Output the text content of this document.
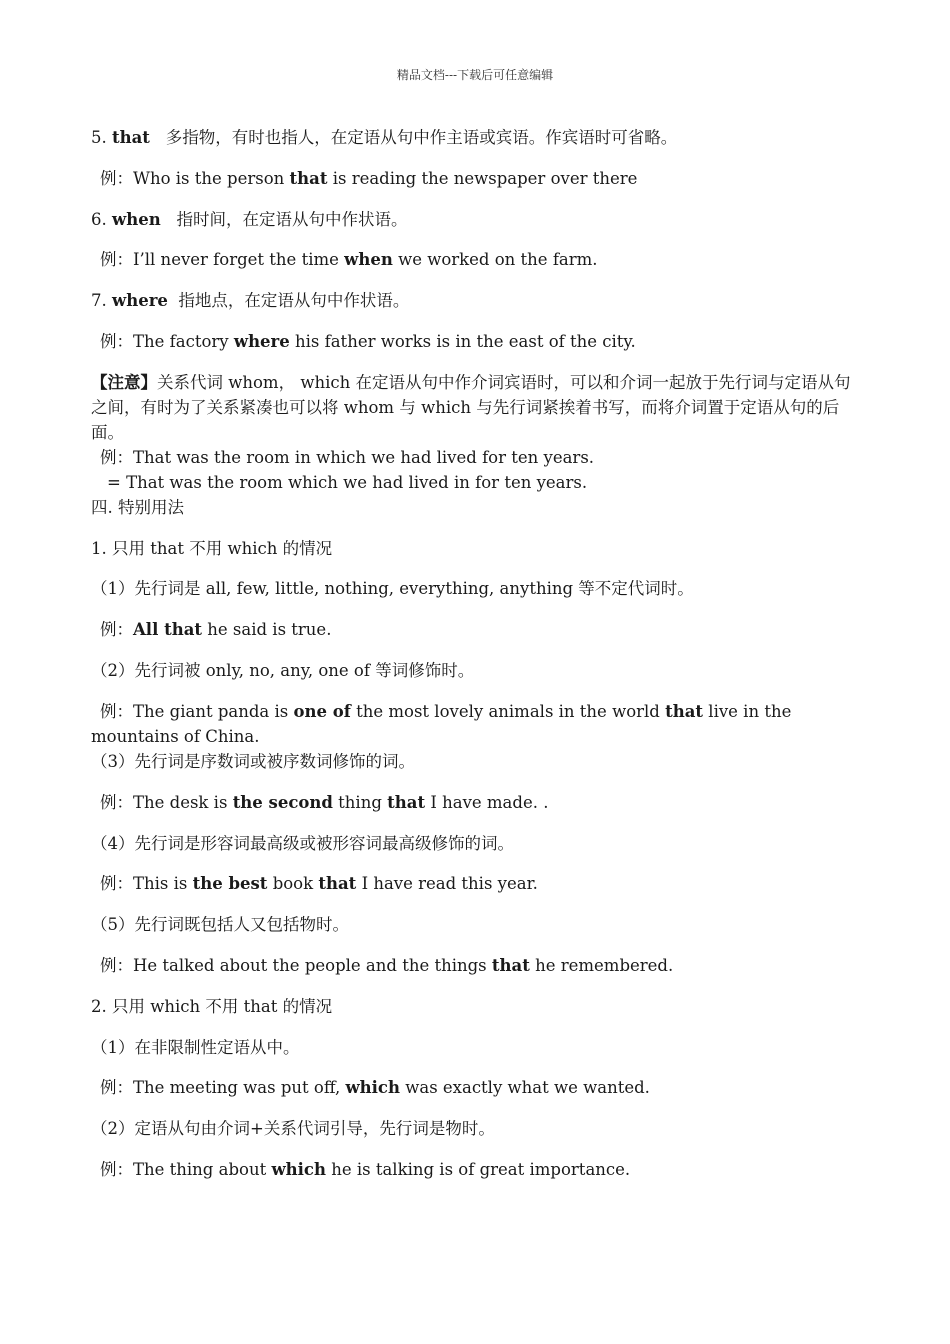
精品文档---下载后可任意编辑
5. that 多指物，有时也指人，在定语从句中作主语或宾语。作宾语时可省略。
例：Who is the person that is reading the newspaper over there
6. when 指时间，在定语从句中作状语。
例：I’ll never forget the time when we worked on the farm.
7. where 指地点，在定语从句中作状语。
例：The factory where his father works is in the east of the city.
【注意】关系代词 whom， which 在定语从句中作介词宾语时，可以和介词一起放于先行词与定语从句之间，有时为了关系紧凑也可以将 whom 与 which 与先行词紧挨着书写，而将介词置于定语从句的后面。
例：That was the room in which we had lived for ten years.
= That was the room which we had lived in for ten years.
四. 特别用法
1. 只用 that 不用 which 的情况
（1）先行词是 all, few, little, nothing, everything, anything 等不定代词时。
例：All that he said is true.
（2）先行词被 only, no, any, one of 等词修饰时。
例：The giant panda is one of the most lovely animals in the world that live in the mountains of China.
（3）先行词是序数词或被序数词修饰的词。
例：The desk is the second thing that I have made. .
（4）先行词是形容词最高级或被形容词最高级修饰的词。
例：This is the best book that I have read this year.
（5）先行词既包括人又包括物时。
例：He talked about the people and the things that he remembered.
2. 只用 which 不用 that 的情况
（1）在非限制性定语从中。
例：The meeting was put off, which was exactly what we wanted.
（2）定语从句由介词+关系代词引导，先行词是物时。
例：The thing about which he is talking is of great importance.
